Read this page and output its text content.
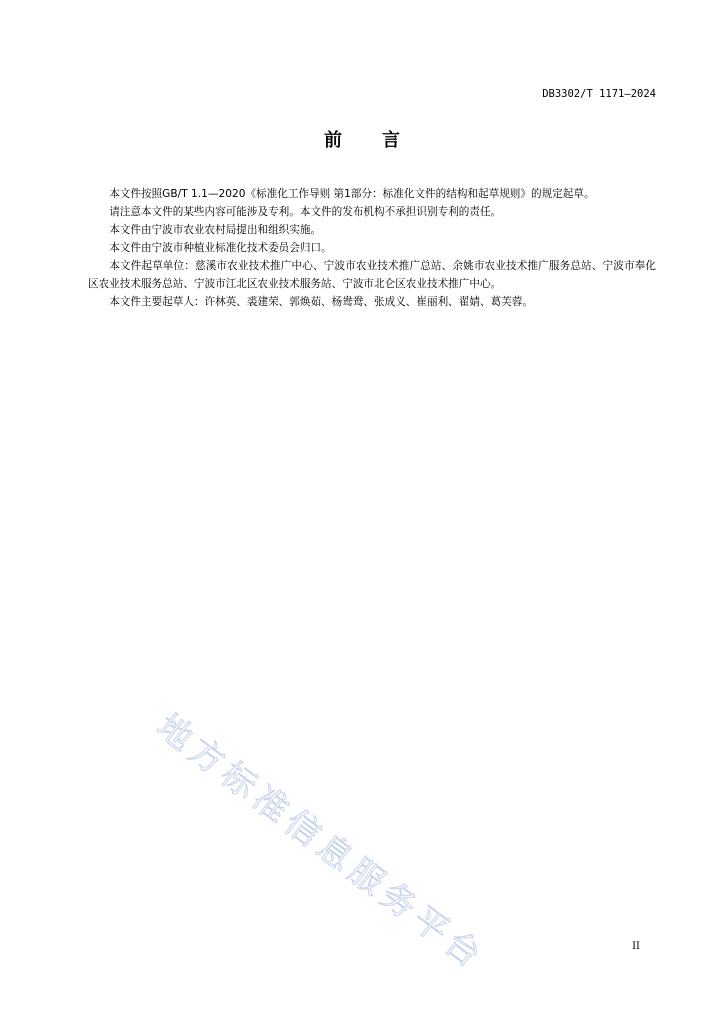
DB3302/T 1171—2024
前言

本文件按照GB/T 1.1—2020《标准化工作导则 第1部分：标准化文件的结构和起草规则》的规定起草。

请注意本文件的某些内容可能涉及专利。本文件的发布机构不承担识别专利的责任。

本文件由宁波市农业农村局提出和组织实施。

本文件由宁波市种植业标准化技术委员会归口。

本文件起草单位：慈溪市农业技术推广中心、宁波市农业技术推广总站、余姚市农业技术推广服务总站、宁波市奉化区农业技术服务总站、宁波市江北区农业技术服务站、宁波市北仑区农业技术推广中心。

本文件主要起草人：许林英、裘建荣、郭焕茹、杨鸯鸯、张成义、崔丽利、翟婧、葛芙蓉。

地方标准信息服务平台	II
